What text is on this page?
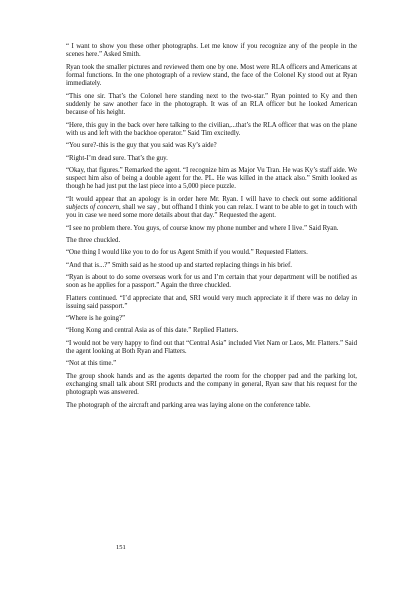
“ I want to show you these other photographs. Let me know if you recognize any of the people in the scenes here.” Asked Smith.

Ryan took the smaller pictures and reviewed them one by one. Most were RLA officers and Americans at formal functions. In the one photograph of a review stand, the face of the Colonel Ky stood out at Ryan immediately.

“This one sir. That’s the Colonel here standing next to the two-star.” Ryan pointed to Ky and then suddenly he saw another face in the photograph. It was of an RLA officer but he looked American because of his height.

“Here, this guy in the back over here talking to the civilian,...that’s the RLA officer that was on the plane with us and left with the backhoe operator.” Said Tim excitedly.

“You sure?-this is the guy that you said was Ky’s aide?

“Right-I’m dead sure. That’s the guy.

“Okay, that figures.” Remarked the agent. “I recognize him as Major Vu Tran. He was Ky’s staff aide. We suspect him also of being a double agent for the. PL. He was killed in the attack also.” Smith looked as though he had just put the last piece into a 5,000 piece puzzle.

“It would appear that an apology is in order here Mr. Ryan. I will have to check out some additional subjects of concern, shall we say , but offhand I think you can relax. I want to be able to get in touch with you in case we need some more details about that day.” Requested the agent.

“I see no problem there. You guys, of course know my phone number and where I live.” Said Ryan.

The three chuckled.

“One thing I would like you to do for us Agent Smith if you would.” Requested Flatters.

“And that is...?” Smith said as he stood up and started replacing things in his brief.

“Ryan is about to do some overseas work for us and I’m certain that your department will be notified as soon as he applies for a passport.” Again the three chuckled.

Flatters continued. “I’d appreciate that and, SRI would very much appreciate it if there was no delay in issuing said passport.”

“Where is he going?”

“Hong Kong and central Asia as of this date.” Replied Flatters.

“I would not be very happy to find out that “Central Asia” included Viet Nam or Laos, Mr. Flatters.” Said the agent looking at Both Ryan and Flatters.

“Not at this time.”

The group shook hands and as the agents departed the room for the chopper pad and the parking lot, exchanging small talk about SRI products and the company in general, Ryan saw that his request for the photograph was answered.

The photograph of the aircraft and parking area was laying alone on the conference table.

151
